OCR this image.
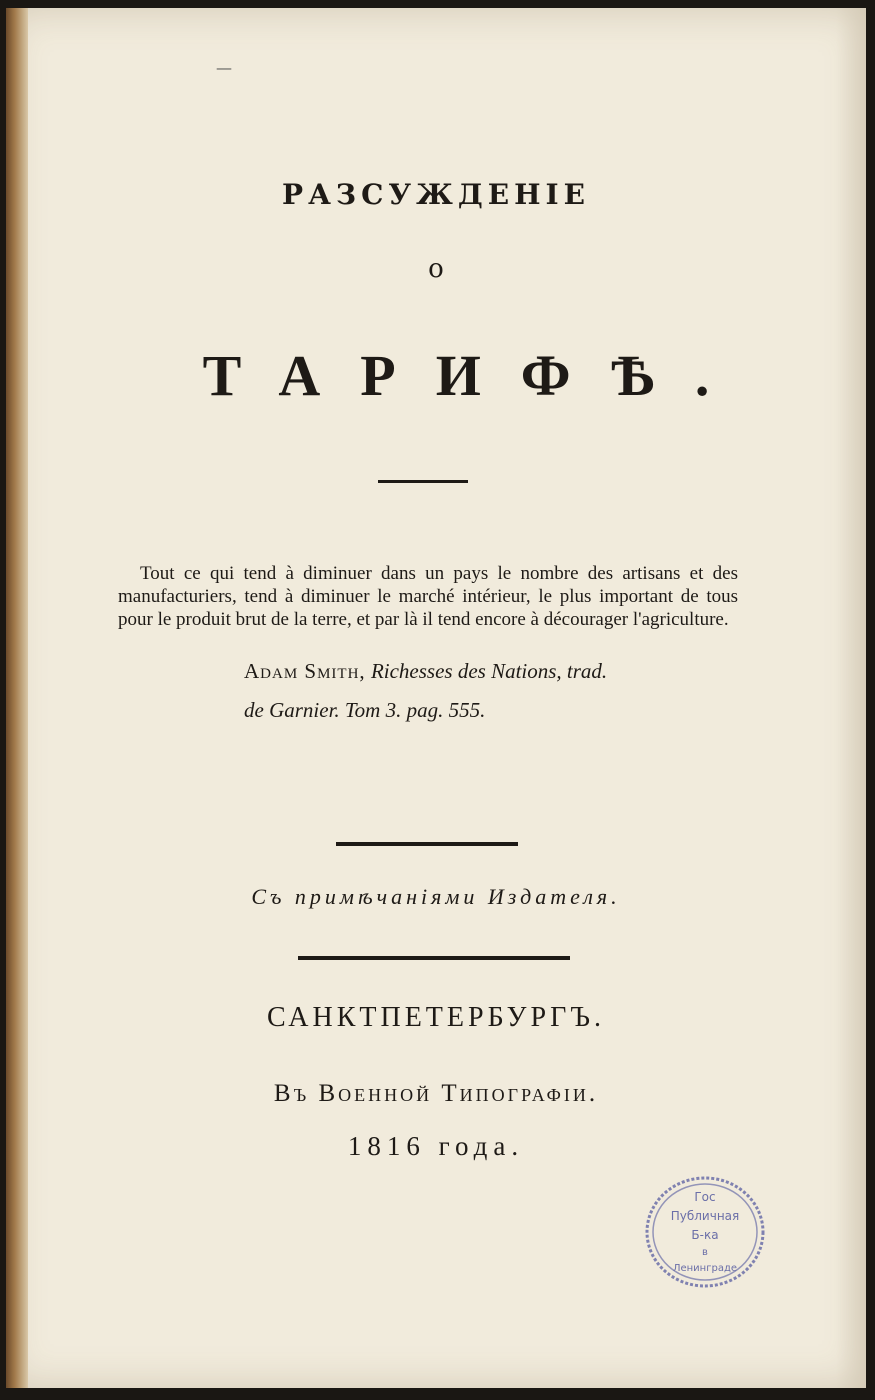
—
РАЗСУЖДЕНІЕ
о
ТАРИФѢ.

Tout ce qui tend à diminuer dans un pays le nombre des artisans et des manufacturiers, tend à diminuer le marché intérieur, le plus important de tous pour le produit brut de la terre, et par là il tend encore à décourager l'agriculture.

Adam Smith, Richesses des Nations, trad.
de Garnier. Tom 3. pag. 555.
Съ примѣчаніями Издателя.
САНКТПЕТЕРБУРГЪ.
Въ Военной Типографіи.
1816 года.
Гос
Публичная
Б-ка
в
Ленинграде
